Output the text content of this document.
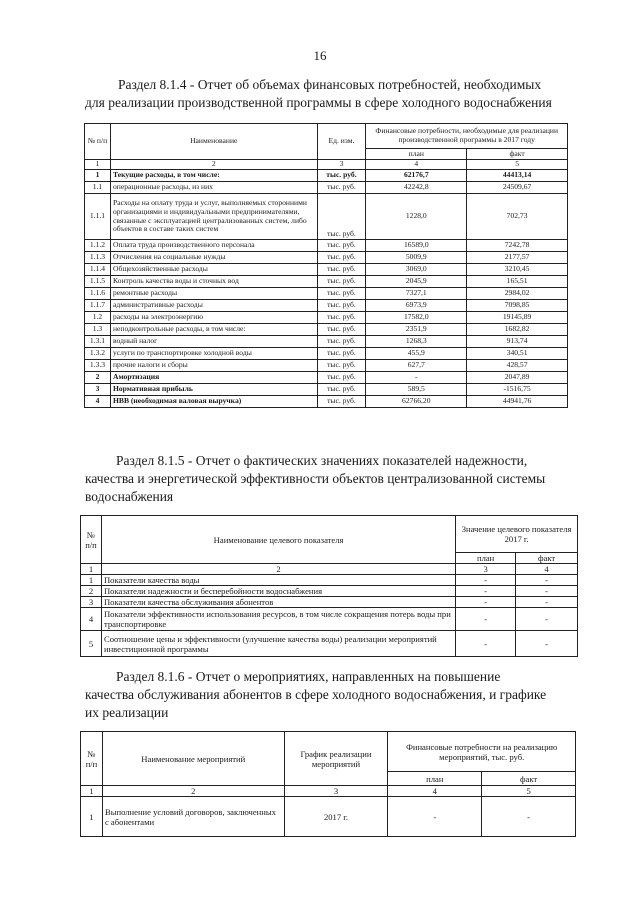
16
Раздел 8.1.4 - Отчет об объемах финансовых потребностей, необходимых
для реализации производственной программы в сфере холодного водоснабжения
№ п/п	Наименование	Ед. изм.	Финансовые потребности, необходимые для реализации производственной программы в 2017 году	
			план	факт
1	2	3	4	5
1	Текущие расходы, в том числе:	тыс. руб.	62176,7	44413,14
1.1	операционные расходы, из них	тыс. руб.	42242,8	24509,67
1.1.1	Расходы на оплату труда и услуг, выполняемых сторонними организациями и индивидуальными предпринимателями, связанные с эксплуатацией централизованных систем, либо объектов в составе таких систем	тыс. руб.	1228,0	702,73
1.1.2	Оплата труда производственного персонала	тыс. руб.	16589,0	7242,78
1.1.3	Отчисления на социальные нужды	тыс. руб.	5009,9	2177,57
1.1.4	Общехозяйственные расходы	тыс. руб.	3069,0	3210,45
1.1.5	Контроль качества воды и сточных вод	тыс. руб.	2045,9	165,51
1.1.6	ремонтные расходы	тыс. руб.	7327,1	2984,02
1.1.7	административные расходы	тыс. руб.	6973,9	7098,85
1.2	расходы на электроэнергию	тыс. руб.	17582,0	19145,89
1.3	неподконтрольные расходы, в том числе:	тыс. руб.	2351,9	1682,82
1.3.1	водный налог	тыс. руб.	1268,3	913,74
1.3.2	услуги по транспортировке холодной воды	тыс. руб.	455,9	340,51
1.3.3	прочие налоги и сборы	тыс. руб.	627,7	428,57
2	Амортизация	тыс. руб.	-	2047,89
3	Нормативная прибыль	тыс. руб.	589,5	-1516,75
4	НВВ (необходимая валовая выручка)	тыс. руб.	62766,20	44941,76
Раздел 8.1.5 - Отчет о фактических значениях показателей надежности,
качества и энергетической эффективности объектов централизованной системы
водоснабжения
№ п/п	Наименование целевого показателя	Значение целевого показателя 2017 г.	
		план	факт
1	2	3	4
1	Показатели качества воды	-	-
2	Показатели надежности и бесперебойности водоснабжения	-	-
3	Показатели качества обслуживания абонентов	-	-
4	Показатели эффективности использования ресурсов, в том числе сокращения потерь воды при транспортировке	-	-
5	Соотношение цены и эффективности (улучшение качества воды) реализации мероприятий инвестиционной программы	-	-
Раздел 8.1.6 - Отчет о мероприятиях, направленных на повышение
качества обслуживания абонентов в сфере холодного водоснабжения, и графике
их реализации
№ п/п	Наименование мероприятий	График реализации мероприятий	Финансовые потребности на реализацию мероприятий, тыс. руб.	
			план	факт
1	2	3	4	5
1	Выполнение условий договоров, заключенных с абонентами	2017 г.	-	-
